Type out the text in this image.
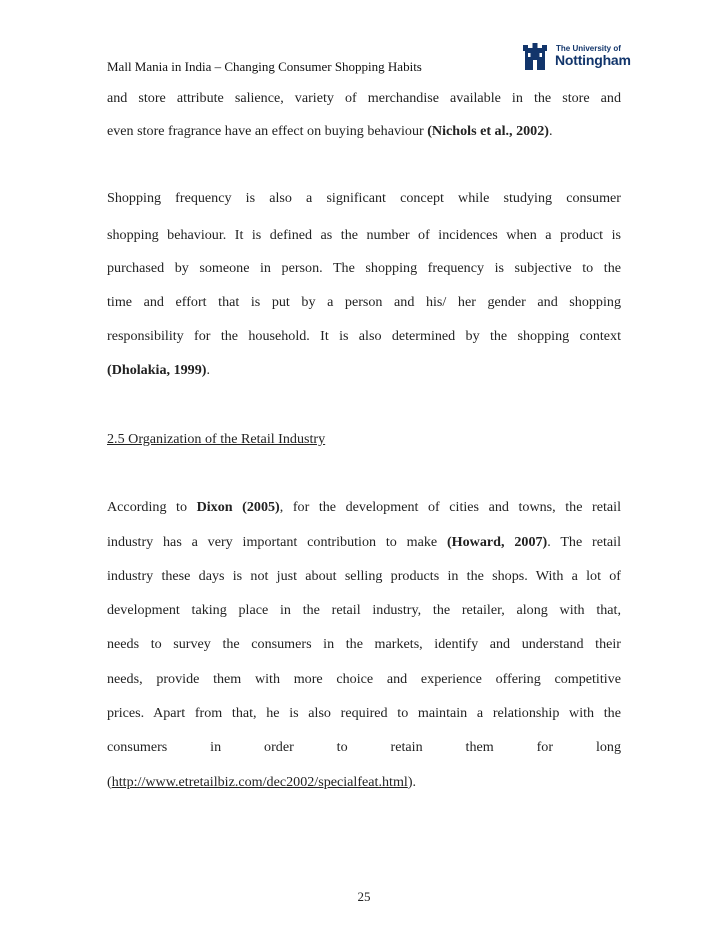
Mall Mania in India – Changing Consumer Shopping Habits
The University of
Nottingham
and store attribute salience, variety of merchandise available in the store and
even store fragrance have an effect on buying behaviour (Nichols et al., 2002).
Shopping frequency is also a significant concept while studying consumer
shopping behaviour. It is defined as the number of incidences when a product is
purchased by someone in person. The shopping frequency is subjective to the
time and effort that is put by a person and his/ her gender and shopping
responsibility for the household. It is also determined by the shopping context
(Dholakia, 1999).
2.5 Organization of the Retail Industry
According to Dixon (2005), for the development of cities and towns, the retail
industry has a very important contribution to make (Howard, 2007). The retail
industry these days is not just about selling products in the shops. With a lot of
development taking place in the retail industry, the retailer, along with that,
needs to survey the consumers in the markets, identify and understand their
needs, provide them with more choice and experience offering competitive
prices. Apart from that, he is also required to maintain a relationship with the
consumers in order to retain them for long
(http://www.etretailbiz.com/dec2002/specialfeat.html).
25
